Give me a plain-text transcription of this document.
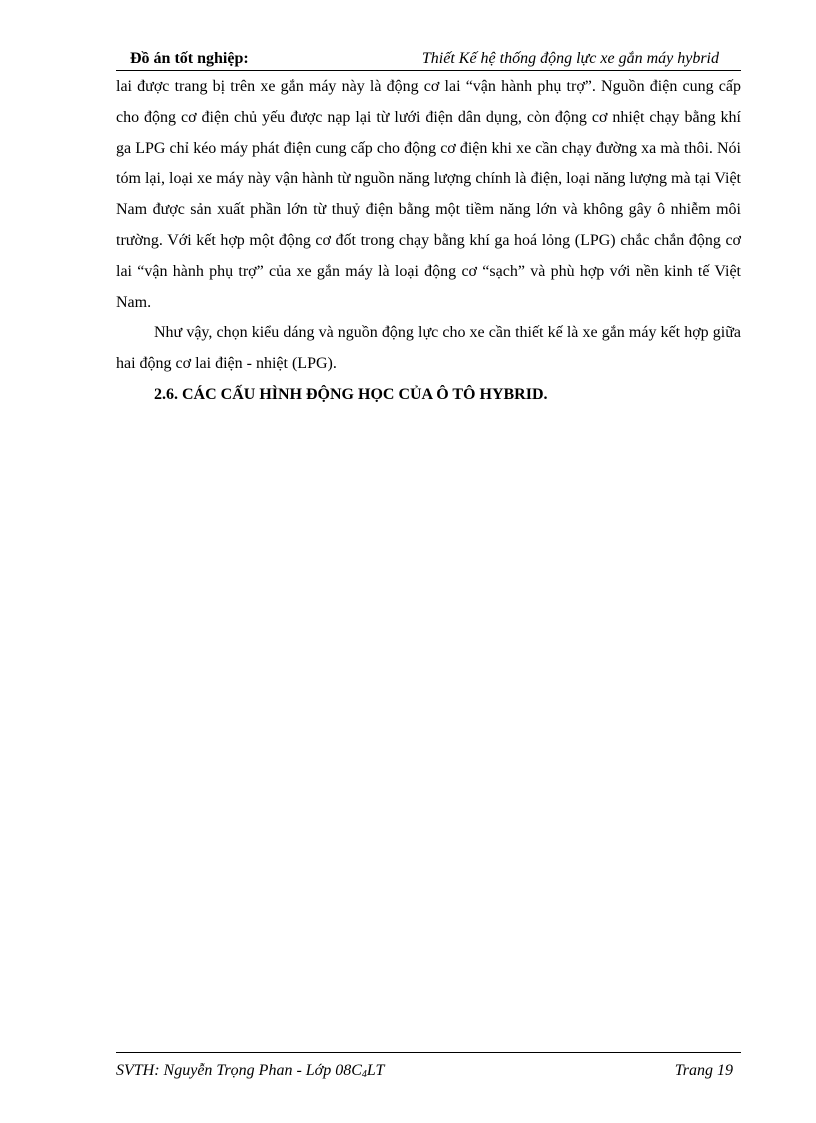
Đồ án tốt nghiệp:	Thiết Kế hệ thống động lực xe gắn máy hybrid

lai được trang bị trên xe gắn máy này là động cơ lai “vận hành phụ trợ”. Nguồn điện cung cấp cho động cơ điện chủ yếu được nạp lại từ lưới điện dân dụng, còn động cơ nhiệt chạy bằng khí ga LPG chỉ kéo máy phát điện cung cấp cho động cơ điện khi xe cần chạy đường xa mà thôi. Nói tóm lại, loại xe máy này vận hành từ nguồn năng lượng chính là điện, loại năng lượng mà tại Việt Nam được sản xuất phần lớn từ thuỷ điện bằng một tiềm năng lớn và không gây ô nhiễm môi trường. Với kết hợp một động cơ đốt trong chạy bằng khí ga hoá lỏng (LPG) chắc chắn động cơ lai “vận hành phụ trợ” của xe gắn máy là loại động cơ “sạch” và phù hợp với nền kinh tế Việt Nam.

Như vậy, chọn kiểu dáng và nguồn động lực cho xe cần thiết kế là xe gắn máy kết hợp giữa hai động cơ lai điện - nhiệt (LPG).

2.6. CÁC CẤU HÌNH ĐỘNG HỌC CỦA Ô TÔ HYBRID.

SVTH: Nguyễn Trọng Phan - Lớp $08C_4LT$	Trang 19
